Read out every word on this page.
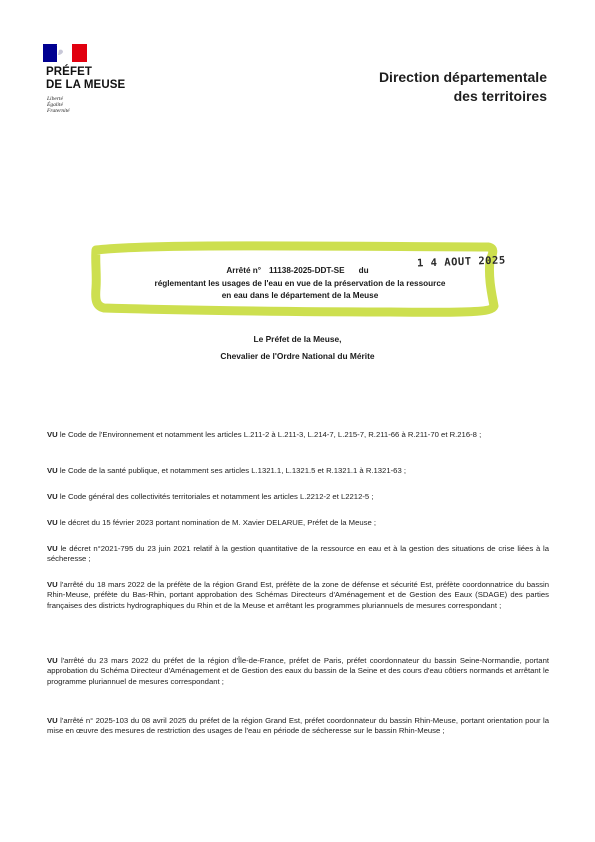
PRÉFET
DE LA MEUSE
Liberté
Égalité
Fraternité
Direction départementale
des territoires
Arrêté n° 11138-2025-DDT-SE du
1 4 AOUT 2025
réglementant les usages de l'eau en vue de la préservation de la ressource
en eau dans le département de la Meuse
Le Préfet de la Meuse,
Chevalier de l'Ordre National du Mérite
VU le Code de l'Environnement et notamment les articles L.211-2 à L.211-3, L.214-7, L.215-7, R.211-66 à R.211-70 et R.216-8 ;
VU le Code de la santé publique, et notamment ses articles L.1321.1, L.1321.5 et R.1321.1 à R.1321-63 ;
VU le Code général des collectivités territoriales et notamment les articles L.2212-2 et L2212-5 ;
VU le décret du 15 février 2023 portant nomination de M. Xavier DELARUE, Préfet de la Meuse ;
VU le décret n°2021-795 du 23 juin 2021 relatif à la gestion quantitative de la ressource en eau et à la gestion des situations de crise liées à la sécheresse ;
VU l'arrêté du 18 mars 2022 de la préfète de la région Grand Est, préfète de la zone de défense et sécurité Est, préfète coordonnatrice du bassin Rhin-Meuse, préfète du Bas-Rhin, portant approbation des Schémas Directeurs d'Aménagement et de Gestion des Eaux (SDAGE) des parties françaises des districts hydrographiques du Rhin et de la Meuse et arrêtant les programmes pluriannuels de mesures correspondant ;
VU l'arrêté du 23 mars 2022 du préfet de la région d'Île-de-France, préfet de Paris, préfet coordonnateur du bassin Seine-Normandie, portant approbation du Schéma Directeur d'Aménagement et de Gestion des eaux du bassin de la Seine et des cours d'eau côtiers normands et arrêtant le programme pluriannuel de mesures correspondant ;
VU l'arrêté n° 2025-103 du 08 avril 2025 du préfet de la région Grand Est, préfet coordonnateur du bassin Rhin-Meuse, portant orientation pour la mise en œuvre des mesures de restriction des usages de l'eau en période de sécheresse sur le bassin Rhin-Meuse ;
